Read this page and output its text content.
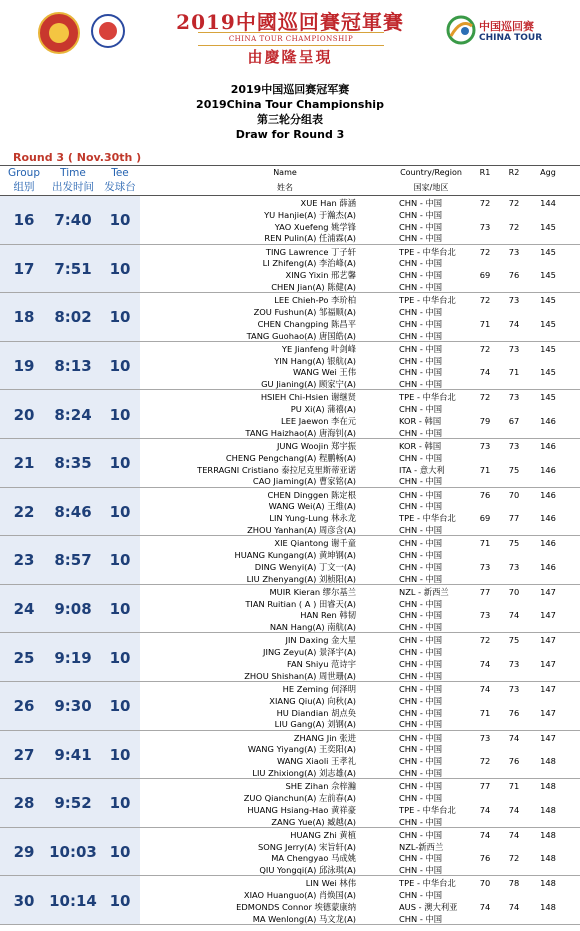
2019中國巡回賽冠軍賽
CHINA TOUR CHAMPIONSHIP
由慶隆呈現
中国巡回赛
CHINA TOUR
2019中国巡回赛冠军赛
2019China Tour Championship
第三轮分组表
Draw for Round 3
Round 3 ( Nov.30th )
Group
组别
Time
出发时间
Tee
发球台
Name
姓名
Country/Region
国家/地区
R1	R2	Agg
16	7:40	10
XUE Han 薛涵	CHN - 中国	72	72	144
YU Hanjie(A) 于瀚杰(A)	CHN - 中国
YAO Xuefeng 姚学锋	CHN - 中国	73	72	145
REN Pulin(A) 任浦霖(A)	CHN - 中国
17	7:51	10
TING Lawrence 丁子轩	TPE - 中华台北	72	73	145
LI Zhifeng(A) 李治峰(A)	CHN - 中国
XING Yixin 邢艺馨	CHN - 中国	69	76	145
CHEN Jian(A) 陈健(A)	CHN - 中国
18	8:02	10
LEE Chieh-Po 李玠柏	TPE - 中华台北	72	73	145
ZOU Fushun(A) 邹福顺(A)	CHN - 中国
CHEN Changping 陈昌平	CHN - 中国	71	74	145
TANG Guohao(A) 唐国皓(A)	CHN - 中国
19	8:13	10
YE Jianfeng 叶剑峰	CHN - 中国	72	73	145
YIN Hang(A) 银航(A)	CHN - 中国
WANG Wei 王伟	CHN - 中国	74	71	145
GU Jianing(A) 顾家宁(A)	CHN - 中国
20	8:24	10
HSIEH Chi-Hsien 谢继贤	TPE - 中华台北	72	73	145
PU Xi(A) 蒲禧(A)	CHN - 中国
LEE Jaewon 李在元	KOR - 韩国	79	67	146
TANG Haizhao(A) 唐海钊(A)	CHN - 中国
21	8:35	10
JUNG Woojin 郑宇振	KOR - 韩国	73	73	146
CHENG Pengchang(A) 程鹏畅(A)	CHN - 中国
TERRAGNI Cristiano 泰拉尼克里斯蒂亚诺	ITA - 意大利	71	75	146
CAO Jiaming(A) 曹家铭(A)	CHN - 中国
22	8:46	10
CHEN Dinggen 陈定根	CHN - 中国	76	70	146
WANG Wei(A) 王维(A)	CHN - 中国
LIN Yung-Lung 林永龙	TPE - 中华台北	69	77	146
ZHOU Yanhan(A) 周彦含(A)	CHN - 中国
23	8:57	10
XIE Qiantong 谢千童	CHN - 中国	71	75	146
HUANG Kungang(A) 黄坤钢(A)	CHN - 中国
DING Wenyi(A) 丁文一(A)	CHN - 中国	73	73	146
LIU Zhenyang(A) 刘桢阳(A)	CHN - 中国
24	9:08	10
MUIR Kieran 缪尔基兰	NZL - 新西兰	77	70	147
TIAN Ruitian ( A ) 田睿天(A)	CHN - 中国
HAN Ren 韩韧	CHN - 中国	73	74	147
NAN Hang(A) 南航(A)	CHN - 中国
25	9:19	10
JIN Daxing 金大星	CHN - 中国	72	75	147
JING Zeyu(A) 景泽宇(A)	CHN - 中国
FAN Shiyu 范诗宇	CHN - 中国	74	73	147
ZHOU Shishan(A) 周世珊(A)	CHN - 中国
26	9:30	10
HE Zeming 何泽明	CHN - 中国	74	73	147
XIANG Qiu(A) 向秋(A)	CHN - 中国
HU Diandian 胡点奂	CHN - 中国	71	76	147
LIU Gang(A) 刘钢(A)	CHN - 中国
27	9:41	10
ZHANG Jin 张进	CHN - 中国	73	74	147
WANG Yiyang(A) 王奕阳(A)	CHN - 中国
WANG Xiaoli 王孝礼	CHN - 中国	72	76	148
LIU Zhixiong(A) 刘志雄(A)	CHN - 中国
28	9:52	10
SHE Zihan 佘梓瀚	CHN - 中国	77	71	148
ZUO Qianchun(A) 左前春(A)	CHN - 中国
HUANG Hsiang-Hao 黄祥豪	TPE - 中华台北	74	74	148
ZANG Yue(A) 臧越(A)	CHN - 中国
29 10:03 10
HUANG Zhi 黄植	CHN - 中国	74	74	148
SONG Jerry(A) 宋旨轩(A)	NZL-新西兰
MA Chengyao 马成姚	CHN - 中国	76	72	148
QIU Yongqi(A) 邱泳琪(A)	CHN - 中国
30 10:14 10
LIN Wei 林伟	TPE - 中华台北	70	78	148
XIAO Huanguo(A) 肖焕国(A)	CHN - 中国
EDMONDS Connor 埃德蒙康纳	AUS - 澳大利亚	74	74	148
MA Wenlong(A) 马文龙(A)	CHN - 中国
